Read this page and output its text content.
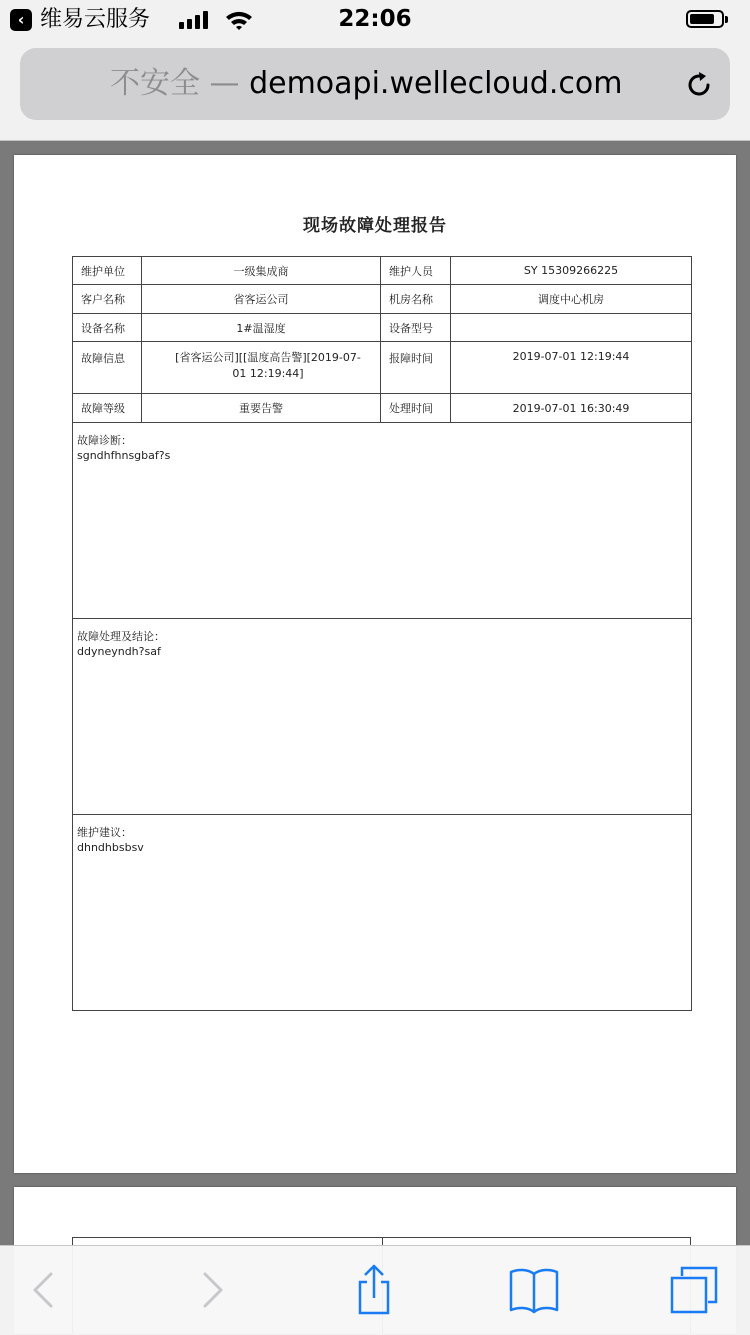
‹ 维易云服务	22:06
不安全 — demoapi.wellecloud.com
现场故障处理报告
维护单位	一级集成商	维护人员	SY 15309266225
客户名称	省客运公司	机房名称	调度中心机房
设备名称	1#温湿度	设备型号	
故障信息	[省客运公司][[温度高告警][2019-07-01 12:19:44]	报障时间	2019-07-01 12:19:44
故障等级	重要告警	处理时间	2019-07-01 16:30:49

故障诊断：
sgndhfhnsgbaf?s			

故障处理及结论：
ddyneyndh?saf			

维护建议：
dhndhbsbsv			
